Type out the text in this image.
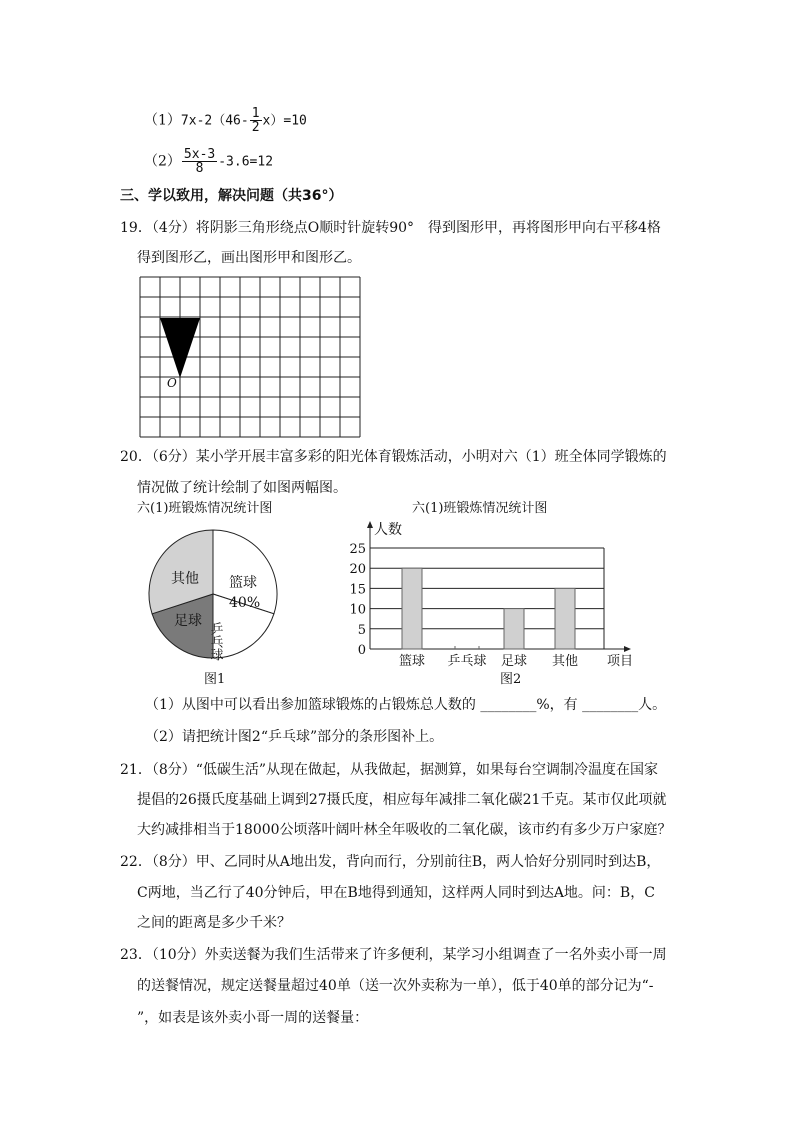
$(1)7x-2(46- \frac{1}{2} x)=10$
$(2) \frac{5x-3}{8} -3.6=12$
三、学以致用，解决问题（共36°）
19．（4分）将阴影三角形绕点O顺时针旋转90°　得到图形甲，再将图形甲向右平移4格
得到图形乙，画出图形甲和图形乙。
O
20．（6分）某小学开展丰富多彩的阳光体育锻炼活动，小明对六（1）班全体同学锻炼的
情况做了统计绘制了如图两幅图。
六(1)班锻炼情况统计图	六(1)班锻炼情况统计图
篮球
40%
其他
足球
乒乓球
图1
0
5
10
15
20
25
人数
篮球 乒乓球 足球 其他 项目
图2
（1）从图中可以看出参加篮球锻炼的占锻炼总人数的 ________%，有 ________人。
（2）请把统计图2“乒乓球”部分的条形图补上。
21．（8分）“低碳生活”从现在做起，从我做起，据测算，如果每台空调制冷温度在国家
提倡的26摄氏度基础上调到27摄氏度，相应每年减排二氧化碳21千克。某市仅此项就
大约减排相当于18000公顷落叶阔叶林全年吸收的二氧化碳，该市约有多少万户家庭？
22．（8分）甲、乙同时从A地出发，背向而行，分别前往B，两人恰好分别同时到达B，
C两地，当乙行了40分钟后，甲在B地得到通知，这样两人同时到达A地。问：B，C
之间的距离是多少千米？
23．（10分）外卖送餐为我们生活带来了许多便利，某学习小组调查了一名外卖小哥一周
的送餐情况，规定送餐量超过40单（送一次外卖称为一单），低于40单的部分记为“-
”，如表是该外卖小哥一周的送餐量：
